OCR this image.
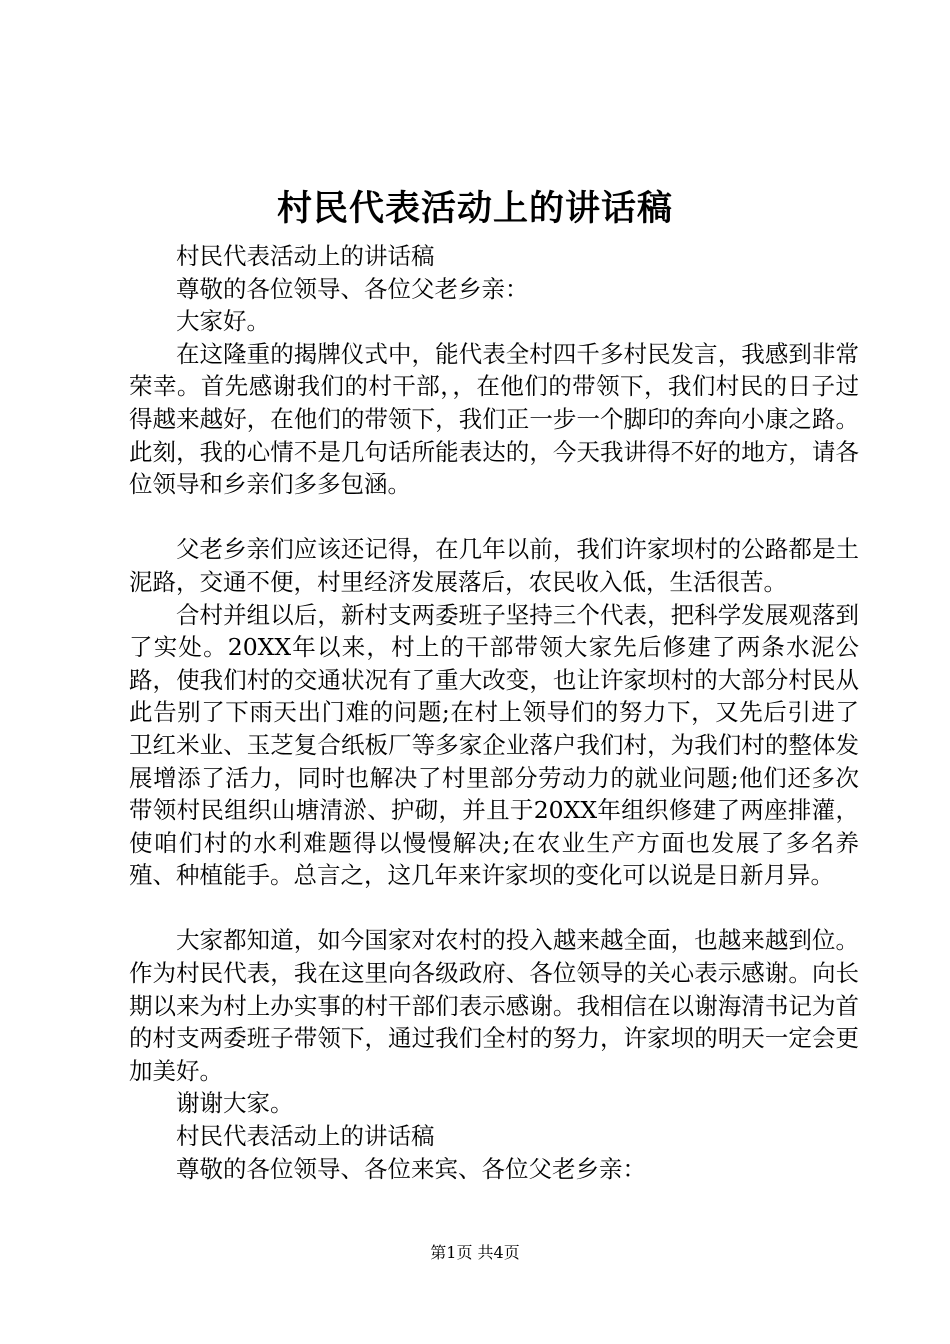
村民代表活动上的讲话稿

村民代表活动上的讲话稿

尊敬的各位领导、各位父老乡亲：

大家好。

在这隆重的揭牌仪式中，能代表全村四千多村民发言，我感到非常荣幸。首先感谢我们的村干部，，在他们的带领下，我们村民的日子过得越来越好，在他们的带领下，我们正一步一个脚印的奔向小康之路。此刻，我的心情不是几句话所能表达的，今天我讲得不好的地方，请各位领导和乡亲们多多包涵。

父老乡亲们应该还记得，在几年以前，我们许家坝村的公路都是土泥路，交通不便，村里经济发展落后，农民收入低，生活很苦。

合村并组以后，新村支两委班子坚持三个代表，把科学发展观落到了实处。20XX年以来，村上的干部带领大家先后修建了两条水泥公路，使我们村的交通状况有了重大改变，也让许家坝村的大部分村民从此告别了下雨天出门难的问题;在村上领导们的努力下，又先后引进了卫红米业、玉芝复合纸板厂等多家企业落户我们村，为我们村的整体发展增添了活力，同时也解决了村里部分劳动力的就业问题;他们还多次带领村民组织山塘清淤、护砌，并且于20XX年组织修建了两座排灌，使咱们村的水利难题得以慢慢解决;在农业生产方面也发展了多名养殖、种植能手。总言之，这几年来许家坝的变化可以说是日新月异。

大家都知道，如今国家对农村的投入越来越全面，也越来越到位。作为村民代表，我在这里向各级政府、各位领导的关心表示感谢。向长期以来为村上办实事的村干部们表示感谢。我相信在以谢海清书记为首的村支两委班子带领下，通过我们全村的努力，许家坝的明天一定会更加美好。

谢谢大家。

村民代表活动上的讲话稿

尊敬的各位领导、各位来宾、各位父老乡亲：

第1页 共4页
